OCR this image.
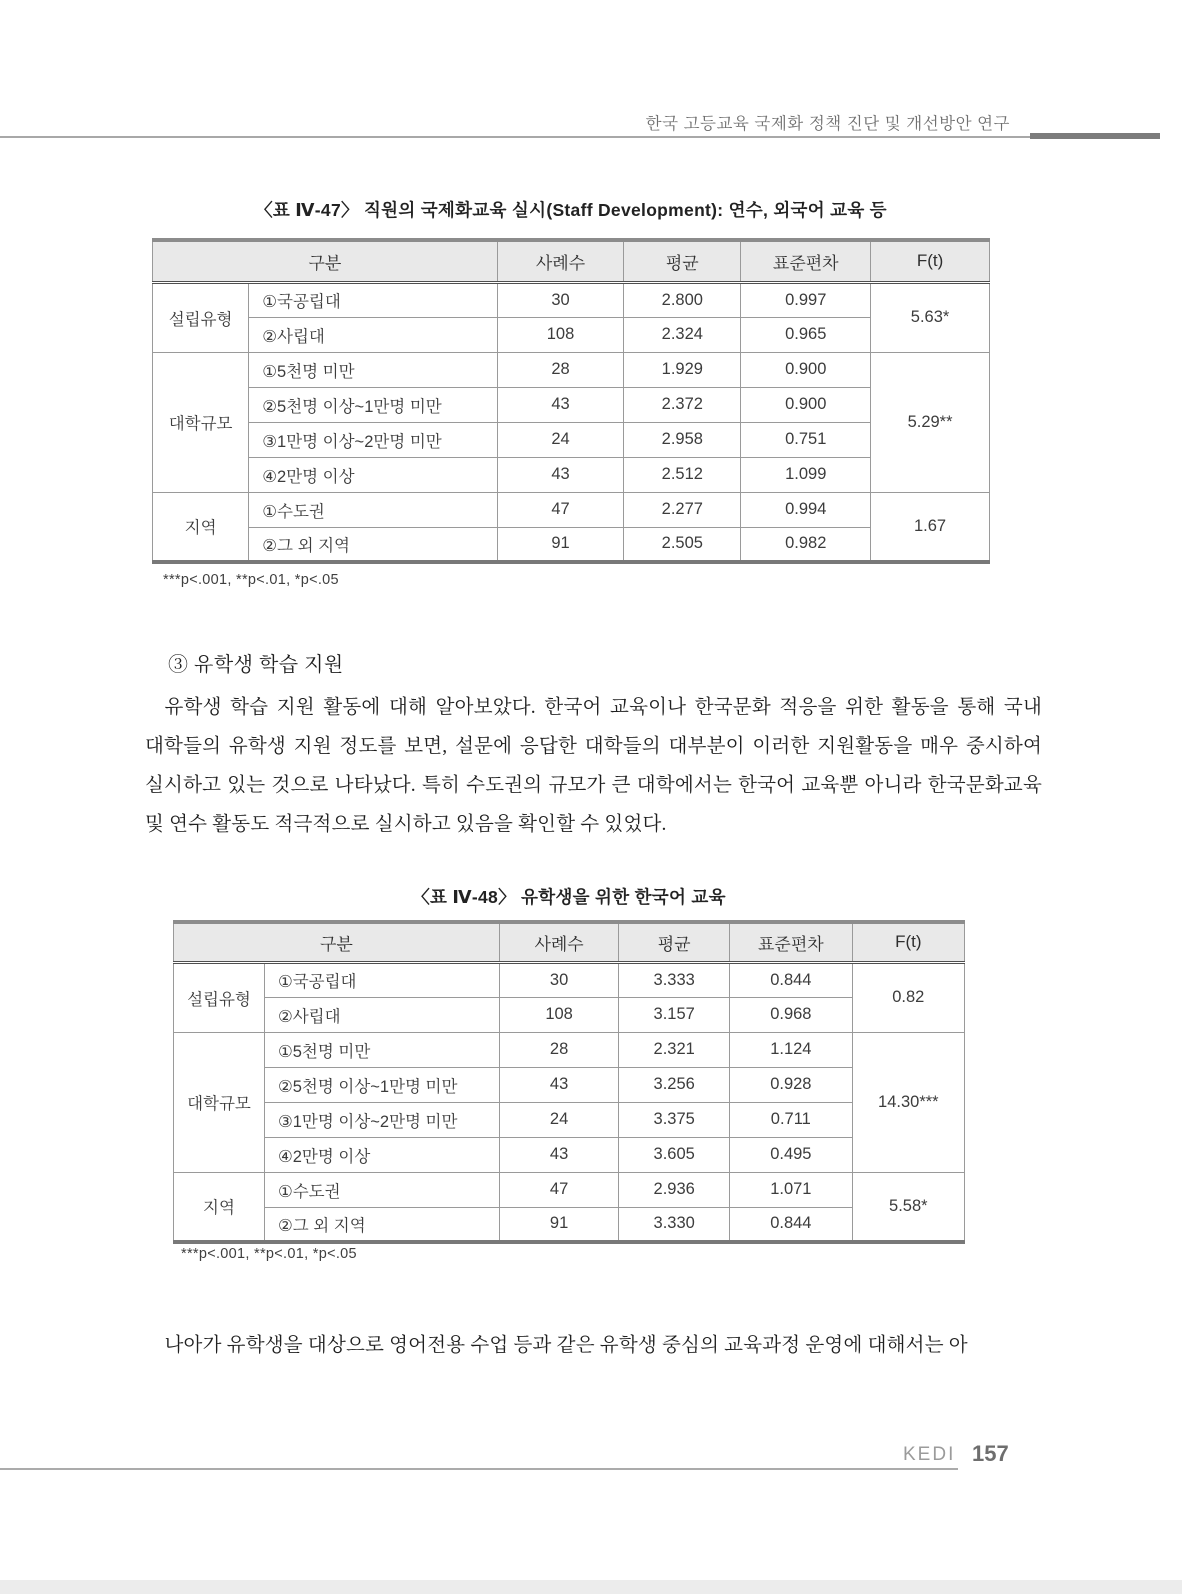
한국 고등교육 국제화 정책 진단 및 개선방안 연구
〈표 Ⅳ-47〉 직원의 국제화교육 실시(Staff Development): 연수, 외국어 교육 등
구분		사례수	평균	표준편차	F(t)
설립유형	①국공립대	30	2.800	0.997	5.63*
	②사립대	108	2.324	0.965	
대학규모	①5천명 미만	28	1.929	0.900	5.29**
	②5천명 이상~1만명 미만	43	2.372	0.900	
	③1만명 이상~2만명 미만	24	2.958	0.751	
	④2만명 이상	43	2.512	1.099	
지역	①수도권	47	2.277	0.994	1.67
	②그 외 지역	91	2.505	0.982	
***p<.001, **p<.01, *p<.05
③ 유학생 학습 지원
유학생 학습 지원 활동에 대해 알아보았다. 한국어 교육이나 한국문화 적응을 위한 활동을 통해 국내 대학들의 유학생 지원 정도를 보면, 설문에 응답한 대학들의 대부분이 이러한 지원활동을 매우 중시하여 실시하고 있는 것으로 나타났다. 특히 수도권의 규모가 큰 대학에서는 한국어 교육뿐 아니라 한국문화교육 및 연수 활동도 적극적으로 실시하고 있음을 확인할 수 있었다.
〈표 Ⅳ-48〉 유학생을 위한 한국어 교육
구분		사례수	평균	표준편차	F(t)
설립유형	①국공립대	30	3.333	0.844	0.82
	②사립대	108	3.157	0.968	
대학규모	①5천명 미만	28	2.321	1.124	14.30***
	②5천명 이상~1만명 미만	43	3.256	0.928	
	③1만명 이상~2만명 미만	24	3.375	0.711	
	④2만명 이상	43	3.605	0.495	
지역	①수도권	47	2.936	1.071	5.58*
	②그 외 지역	91	3.330	0.844	
***p<.001, **p<.01, *p<.05
나아가 유학생을 대상으로 영어전용 수업 등과 같은 유학생 중심의 교육과정 운영에 대해서는 아
KEDI 157
